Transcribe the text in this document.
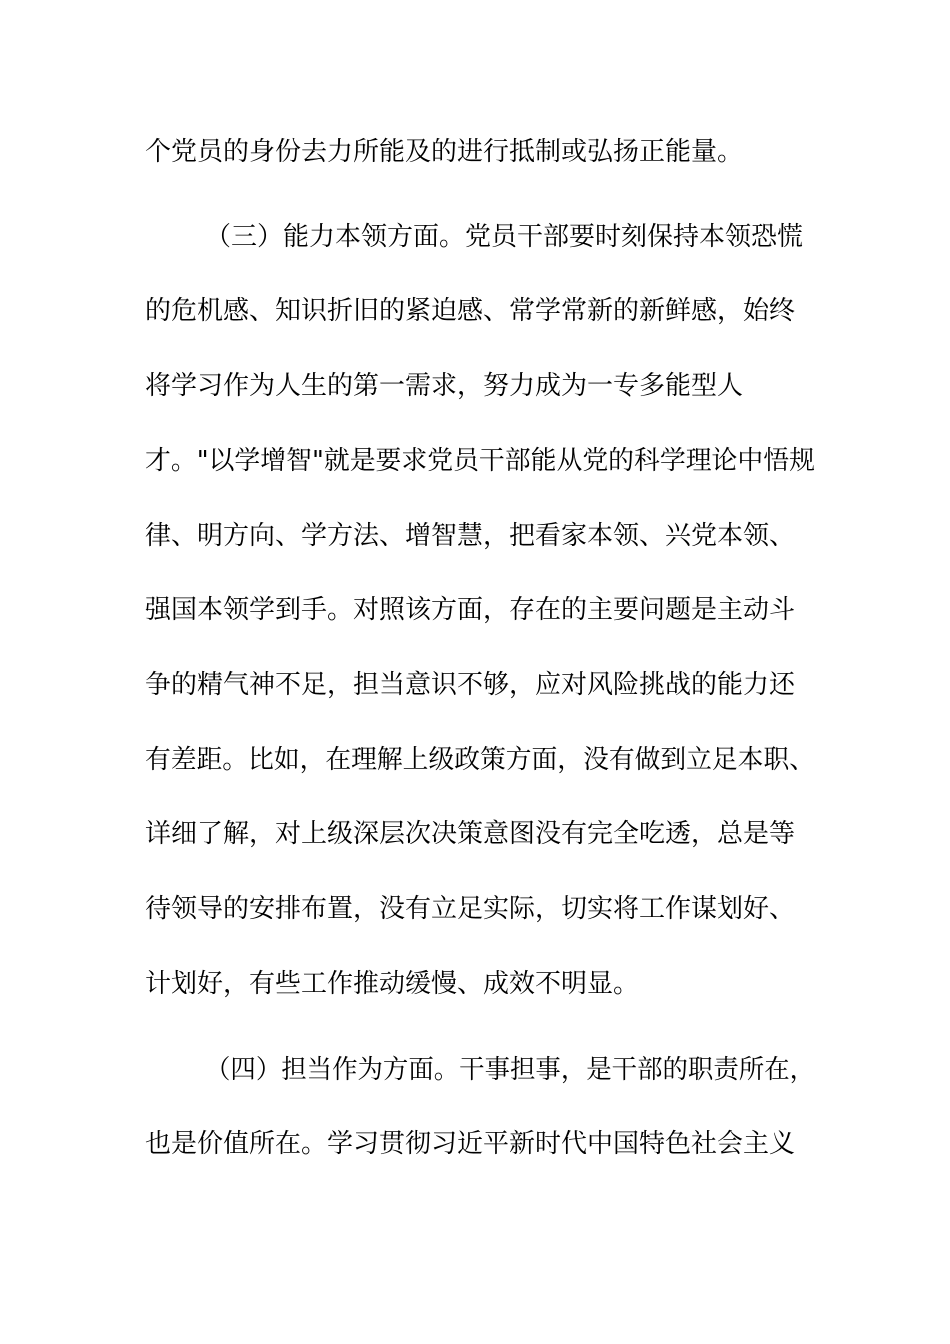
个党员的身份去力所能及的进行抵制或弘扬正能量。
（三）能力本领方面。党员干部要时刻保持本领恐慌
的危机感、知识折旧的紧迫感、常学常新的新鲜感，始终
将学习作为人生的第一需求，努力成为一专多能型人
才。"以学增智"就是要求党员干部能从党的科学理论中悟规
律、明方向、学方法、增智慧，把看家本领、兴党本领、
强国本领学到手。对照该方面，存在的主要问题是主动斗
争的精气神不足，担当意识不够，应对风险挑战的能力还
有差距。比如，在理解上级政策方面，没有做到立足本职、
详细了解，对上级深层次决策意图没有完全吃透，总是等
待领导的安排布置，没有立足实际，切实将工作谋划好、
计划好，有些工作推动缓慢、成效不明显。
（四）担当作为方面。干事担事，是干部的职责所在，
也是价值所在。学习贯彻习近平新时代中国特色社会主义
